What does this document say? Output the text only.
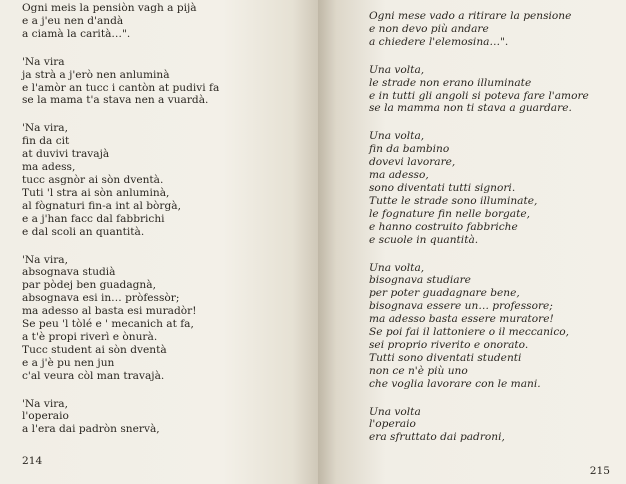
Ogni meis la pensiòn vagh a pijà
e a j'eu nen d'andà
a ciamà la carità…".
'Na vira
ja strà a j'erò nen anluminà
e l'amòr an tucc i cantòn at pudivi fa
se la mama t'a stava nen a vuardà.
'Na vira,
fin da cit
at duvivi travajà
ma adess,
tucc asgnòr ai sòn dventà.
Tuti 'l stra ai sòn anluminà,
al fògnaturi fin-a int al bòrgà,
e a j'han facc dal fabbrichi
e dal scoli an quantità.
'Na vira,
absognava studià
par pòdej ben guadagnà,
absognava esi in… pròfessòr;
ma adesso al basta esi muradòr!
Se peu 'l tòlé e ' mecanich at fa,
a t'è propi riverì e ònurà.
Tucc student ai sòn dventà
e a j'è pu nen jun
c'al veura còl man travajà.
'Na vira,
l'operaio
a l'era dai padròn snervà,
214
Ogni mese vado a ritirare la pensione
e non devo più andare
a chiedere l'elemosina…".
Una volta,
le strade non erano illuminate
e in tutti gli angoli si poteva fare l'amore
se la mamma non ti stava a guardare.
Una volta,
fin da bambino
dovevi lavorare,
ma adesso,
sono diventati tutti signori.
Tutte le strade sono illuminate,
le fognature fin nelle borgate,
e hanno costruito fabbriche
e scuole in quantità.
Una volta,
bisognava studiare
per poter guadagnare bene,
bisognava essere un… professore;
ma adesso basta essere muratore!
Se poi fai il lattoniere o il meccanico,
sei proprio riverito e onorato.
Tutti sono diventati studenti
non ce n'è più uno
che voglia lavorare con le mani.
Una volta
l'operaio
era sfruttato dai padroni,
215
